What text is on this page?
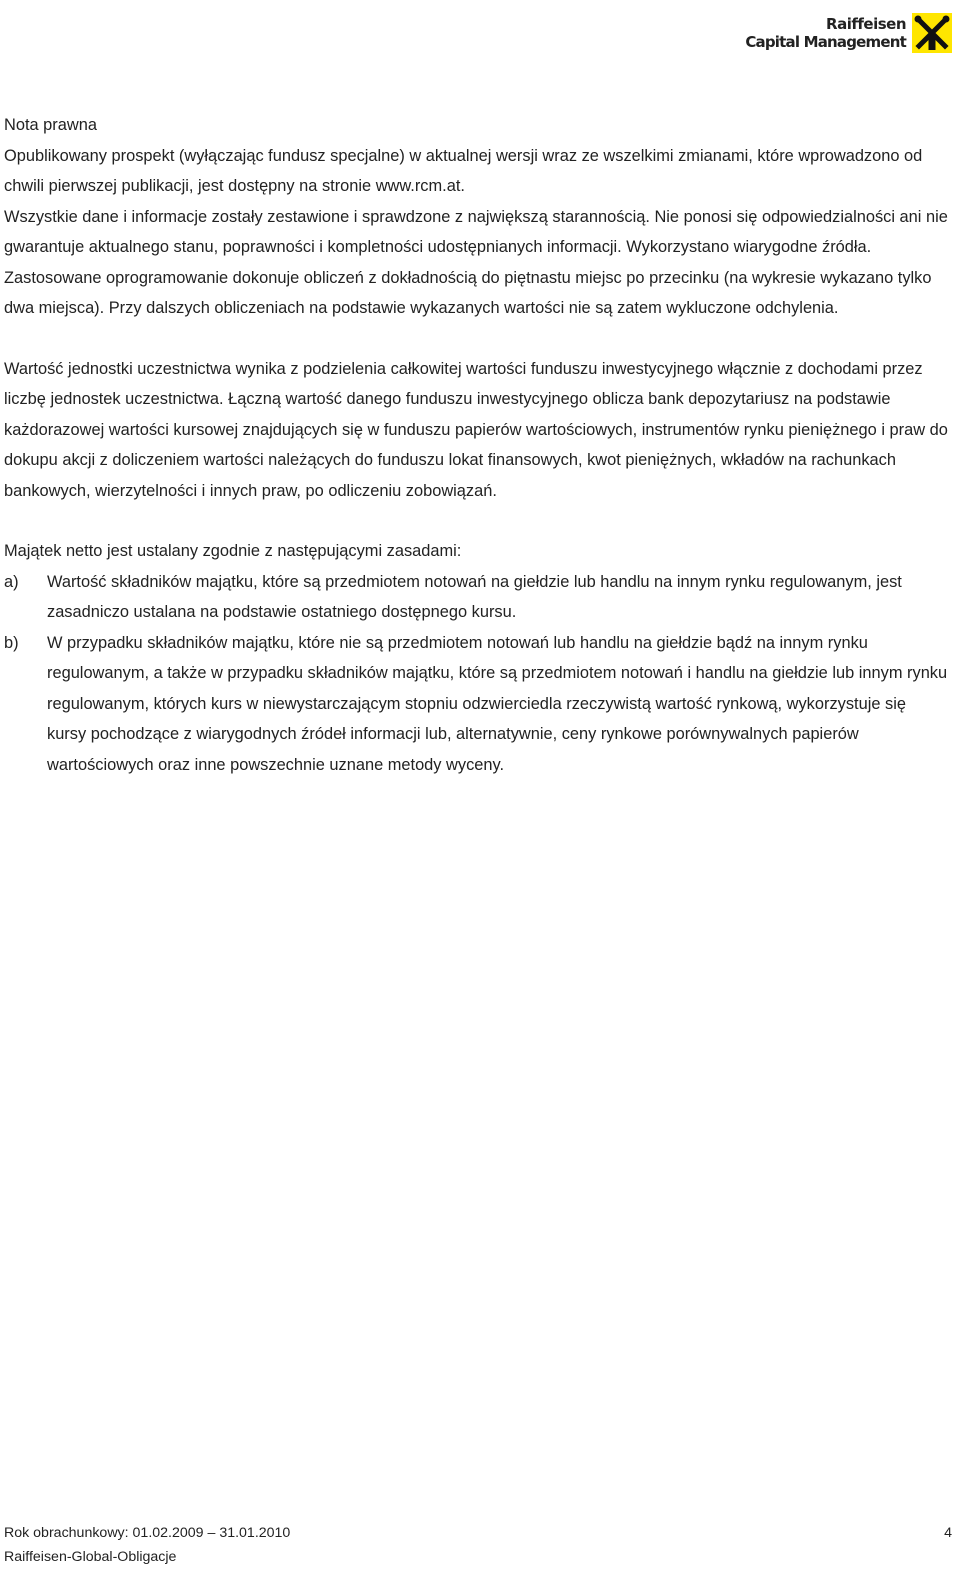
Raiffeisen
Capital Management

Nota prawna

Opublikowany prospekt (wyłączając fundusz specjalne) w aktualnej wersji wraz ze wszelkimi zmianami, które wprowadzono od chwili pierwszej publikacji, jest dostępny na stronie www.rcm.at.

Wszystkie dane i informacje zostały zestawione i sprawdzone z największą starannością. Nie ponosi się odpowiedzialności ani nie gwarantuje aktualnego stanu, poprawności i kompletności udostępnianych informacji. Wykorzystano wiarygodne źródła. Zastosowane oprogramowanie dokonuje obliczeń z dokładnością do piętnastu miejsc po przecinku (na wykresie wykazano tylko dwa miejsca). Przy dalszych obliczeniach na podstawie wykazanych wartości nie są zatem wykluczone odchylenia.

Wartość jednostki uczestnictwa wynika z podzielenia całkowitej wartości funduszu inwestycyjnego włącznie z dochodami przez liczbę jednostek uczestnictwa. Łączną wartość danego funduszu inwestycyjnego oblicza bank depozytariusz na podstawie każdorazowej wartości kursowej znajdujących się w funduszu papierów wartościowych, instrumentów rynku pieniężnego i praw do dokupu akcji z doliczeniem wartości należących do funduszu lokat finansowych, kwot pieniężnych, wkładów na rachunkach bankowych, wierzytelności i innych praw, po odliczeniu zobowiązań.

Majątek netto jest ustalany zgodnie z następującymi zasadami:

a)	Wartość składników majątku, które są przedmiotem notowań na giełdzie lub handlu na innym rynku regulowanym, jest zasadniczo ustalana na podstawie ostatniego dostępnego kursu.
b)	W przypadku składników majątku, które nie są przedmiotem notowań lub handlu na giełdzie bądź na innym rynku regulowanym, a także w przypadku składników majątku, które są przedmiotem notowań i handlu na giełdzie lub innym rynku regulowanym, których kurs w niewystarczającym stopniu odzwierciedla rzeczywistą wartość rynkową, wykorzystuje się kursy pochodzące z wiarygodnych źródeł informacji lub, alternatywnie, ceny rynkowe porównywalnych papierów wartościowych oraz inne powszechnie uznane metody wyceny.
Rok obrachunkowy: 01.02.2009 – 31.01.2010	4
Raiffeisen-Global-Obligacje
